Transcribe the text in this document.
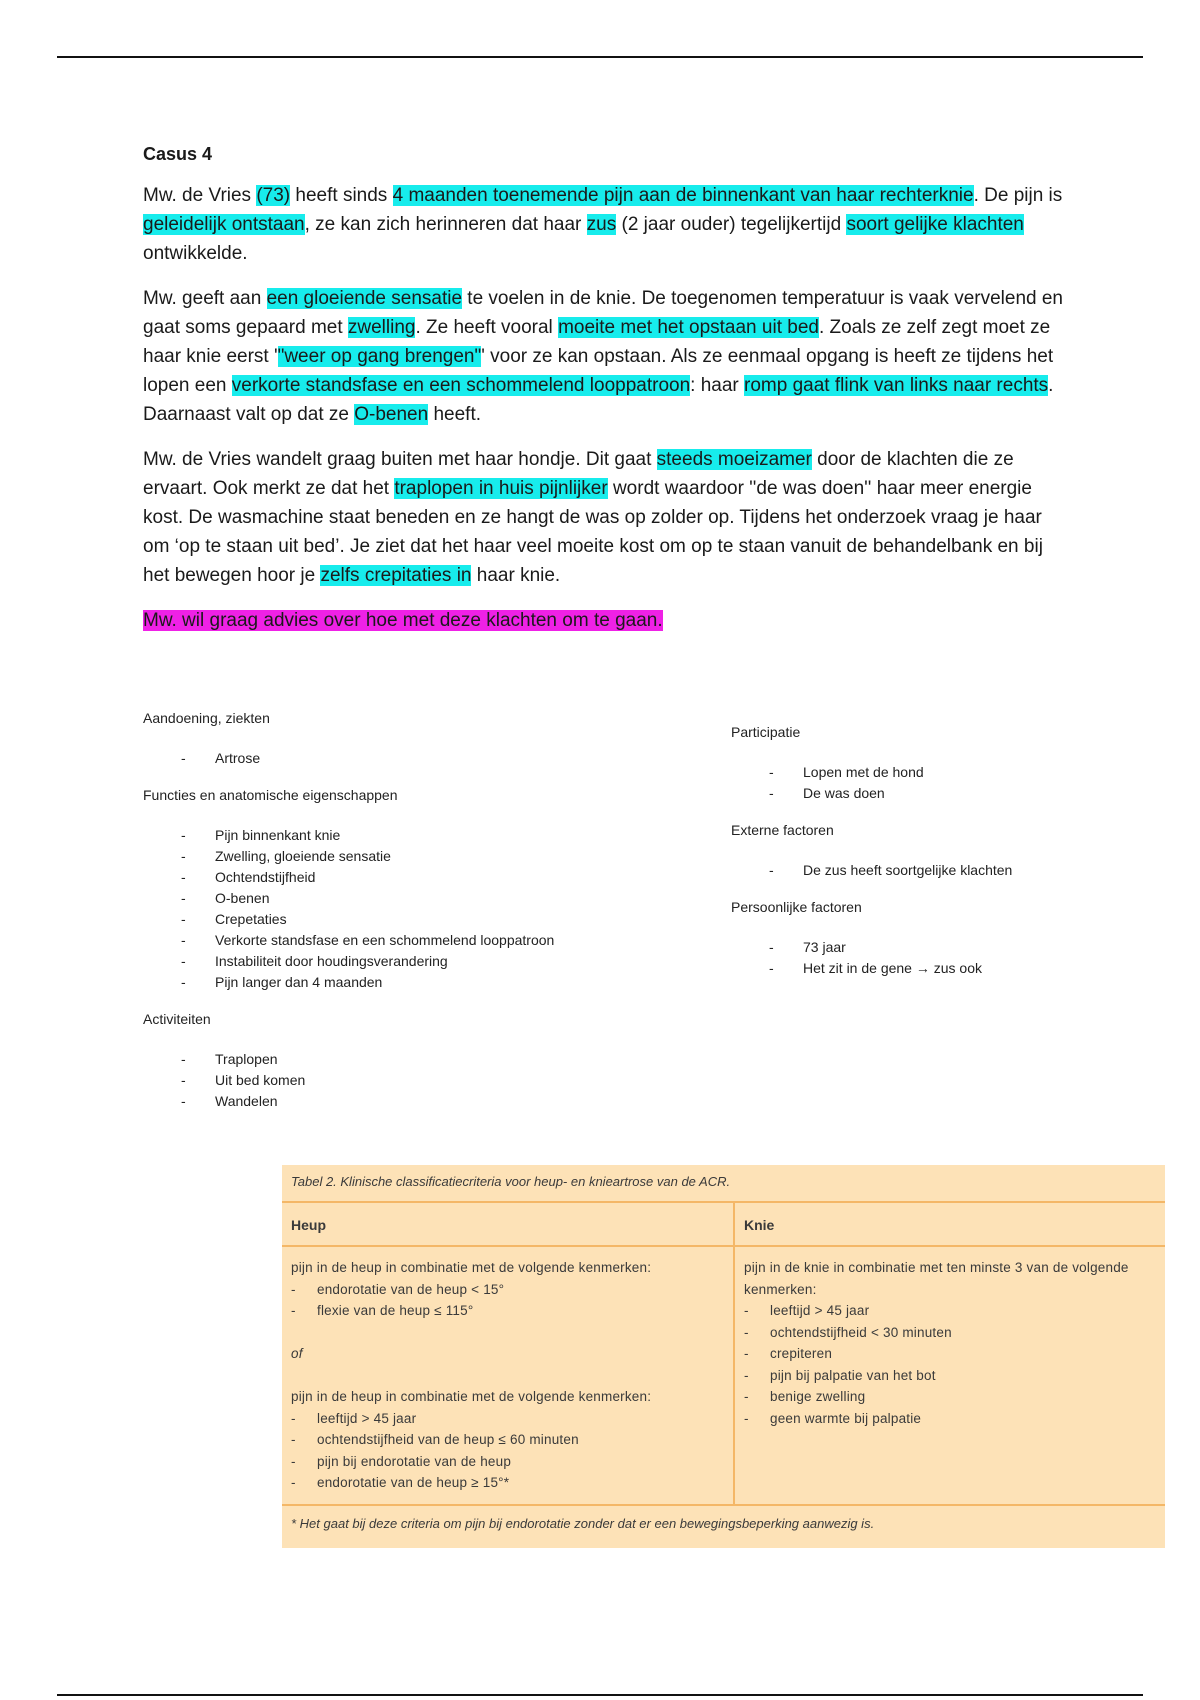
Casus 4

Mw. de Vries (73) heeft sinds 4 maanden toenemende pijn aan de binnenkant van haar rechterknie. De pijn is geleidelijk ontstaan, ze kan zich herinneren dat haar zus (2 jaar ouder) tegelijkertijd soort gelijke klachten ontwikkelde.

Mw. geeft aan een gloeiende sensatie te voelen in de knie. De toegenomen temperatuur is vaak vervelend en gaat soms gepaard met zwelling. Ze heeft vooral moeite met het opstaan uit bed. Zoals ze zelf zegt moet ze haar knie eerst '"weer op gang brengen"' voor ze kan opstaan. Als ze eenmaal opgang is heeft ze tijdens het lopen een verkorte standsfase en een schommelend looppatroon: haar romp gaat flink van links naar rechts. Daarnaast valt op dat ze O-benen heeft.

Mw. de Vries wandelt graag buiten met haar hondje. Dit gaat steeds moeizamer door de klachten die ze ervaart. Ook merkt ze dat het traplopen in huis pijnlijker wordt waardoor ''de was doen'' haar meer energie kost. De wasmachine staat beneden en ze hangt de was op zolder op. Tijdens het onderzoek vraag je haar om ‘op te staan uit bed’. Je ziet dat het haar veel moeite kost om op te staan vanuit de behandelbank en bij het bewegen hoor je zelfs crepitaties in haar knie.

Mw. wil graag advies over hoe met deze klachten om te gaan.

Aandoening, ziekten
- Artrose
Functies en anatomische eigenschappen
- Pijn binnenkant knie
- Zwelling, gloeiende sensatie
- Ochtendstijfheid
- O-benen
- Crepetaties
- Verkorte standsfase en een schommelend looppatroon
- Instabiliteit door houdingsverandering
- Pijn langer dan 4 maanden
Activiteiten
- Traplopen
- Uit bed komen
- Wandelen
Participatie
- Lopen met de hond
- De was doen
Externe factoren
- De zus heeft soortgelijke klachten
Persoonlijke factoren
- 73 jaar
- Het zit in de gene → zus ook
Tabel 2. Klinische classificatiecriteria voor heup- en knieartrose van de ACR.
Heup	Knie
pijn in de heup in combinatie met de volgende kenmerken:
- endorotatie van de heup < 15°
- flexie van de heup ≤ 115°
of
pijn in de heup in combinatie met de volgende kenmerken:
- leeftijd > 45 jaar
- ochtendstijfheid van de heup ≤ 60 minuten
- pijn bij endorotatie van de heup
- endorotatie van de heup ≥ 15°*
pijn in de knie in combinatie met ten minste 3 van de volgende kenmerken:
- leeftijd > 45 jaar
- ochtendstijfheid < 30 minuten
- crepiteren
- pijn bij palpatie van het bot
- benige zwelling
- geen warmte bij palpatie
* Het gaat bij deze criteria om pijn bij endorotatie zonder dat er een bewegingsbeperking aanwezig is.
